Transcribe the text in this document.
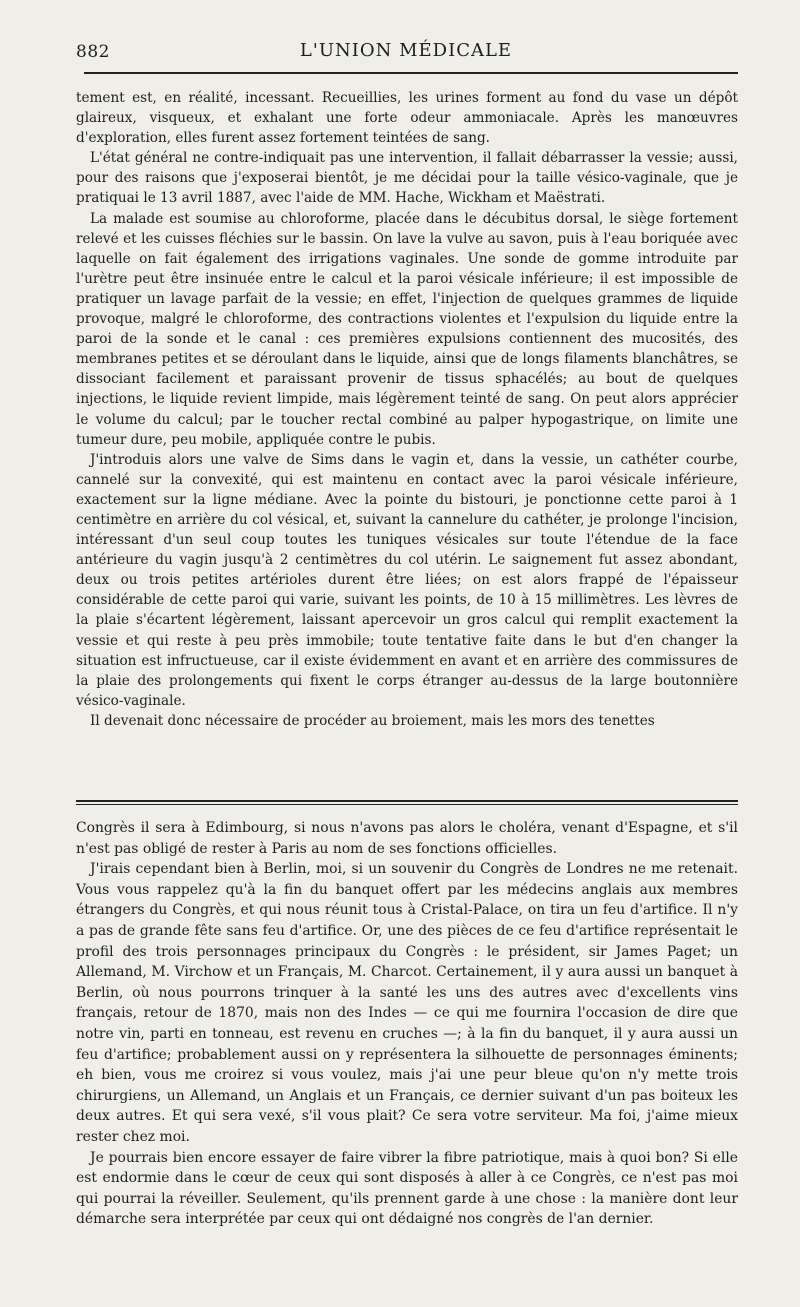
882	L'UNION MÉDICALE

tement est, en réalité, incessant. Recueillies, les urines forment au fond du vase un dépôt glaireux, visqueux, et exhalant une forte odeur ammoniacale. Après les manœuvres d'exploration, elles furent assez fortement teintées de sang.

L'état général ne contre-indiquait pas une intervention, il fallait débarrasser la vessie; aussi, pour des raisons que j'exposerai bientôt, je me décidai pour la taille vésico-vaginale, que je pratiquai le 13 avril 1887, avec l'aide de MM. Hache, Wickham et Maëstrati.

La malade est soumise au chloroforme, placée dans le décubitus dorsal, le siège fortement relevé et les cuisses fléchies sur le bassin. On lave la vulve au savon, puis à l'eau boriquée avec laquelle on fait également des irrigations vaginales. Une sonde de gomme introduite par l'urètre peut être insinuée entre le calcul et la paroi vésicale inférieure; il est impossible de pratiquer un lavage parfait de la vessie; en effet, l'injection de quelques grammes de liquide provoque, malgré le chloroforme, des contractions violentes et l'expulsion du liquide entre la paroi de la sonde et le canal : ces premières expulsions contiennent des mucosités, des membranes petites et se déroulant dans le liquide, ainsi que de longs filaments blanchâtres, se dissociant facilement et paraissant provenir de tissus sphacélés; au bout de quelques injections, le liquide revient limpide, mais légèrement teinté de sang. On peut alors apprécier le volume du calcul; par le toucher rectal combiné au palper hypogastrique, on limite une tumeur dure, peu mobile, appliquée contre le pubis.

J'introduis alors une valve de Sims dans le vagin et, dans la vessie, un cathéter courbe, cannelé sur la convexité, qui est maintenu en contact avec la paroi vésicale inférieure, exactement sur la ligne médiane. Avec la pointe du bistouri, je ponctionne cette paroi à 1 centimètre en arrière du col vésical, et, suivant la cannelure du cathéter, je prolonge l'incision, intéressant d'un seul coup toutes les tuniques vésicales sur toute l'étendue de la face antérieure du vagin jusqu'à 2 centimètres du col utérin. Le saignement fut assez abondant, deux ou trois petites artérioles durent être liées; on est alors frappé de l'épaisseur considérable de cette paroi qui varie, suivant les points, de 10 à 15 millimètres. Les lèvres de la plaie s'écartent légèrement, laissant apercevoir un gros calcul qui remplit exactement la vessie et qui reste à peu près immobile; toute tentative faite dans le but d'en changer la situation est infructueuse, car il existe évidemment en avant et en arrière des commissures de la plaie des prolongements qui fixent le corps étranger au-dessus de la large boutonnière vésico-vaginale.

Il devenait donc nécessaire de procéder au broiement, mais les mors des tenettes

Congrès il sera à Edimbourg, si nous n'avons pas alors le choléra, venant d'Espagne, et s'il n'est pas obligé de rester à Paris au nom de ses fonctions officielles.

J'irais cependant bien à Berlin, moi, si un souvenir du Congrès de Londres ne me retenait. Vous vous rappelez qu'à la fin du banquet offert par les médecins anglais aux membres étrangers du Congrès, et qui nous réunit tous à Cristal-Palace, on tira un feu d'artifice. Il n'y a pas de grande fête sans feu d'artifice. Or, une des pièces de ce feu d'artifice représentait le profil des trois personnages principaux du Congrès : le président, sir James Paget; un Allemand, M. Virchow et un Français, M. Charcot. Certainement, il y aura aussi un banquet à Berlin, où nous pourrons trinquer à la santé les uns des autres avec d'excellents vins français, retour de 1870, mais non des Indes — ce qui me fournira l'occasion de dire que notre vin, parti en tonneau, est revenu en cruches —; à la fin du banquet, il y aura aussi un feu d'artifice; probablement aussi on y représentera la silhouette de personnages éminents; eh bien, vous me croirez si vous voulez, mais j'ai une peur bleue qu'on n'y mette trois chirurgiens, un Allemand, un Anglais et un Français, ce dernier suivant d'un pas boiteux les deux autres. Et qui sera vexé, s'il vous plait? Ce sera votre serviteur. Ma foi, j'aime mieux rester chez moi.

Je pourrais bien encore essayer de faire vibrer la fibre patriotique, mais à quoi bon? Si elle est endormie dans le cœur de ceux qui sont disposés à aller à ce Congrès, ce n'est pas moi qui pourrai la réveiller. Seulement, qu'ils prennent garde à une chose : la manière dont leur démarche sera interprétée par ceux qui ont dédaigné nos congrès de l'an dernier.
